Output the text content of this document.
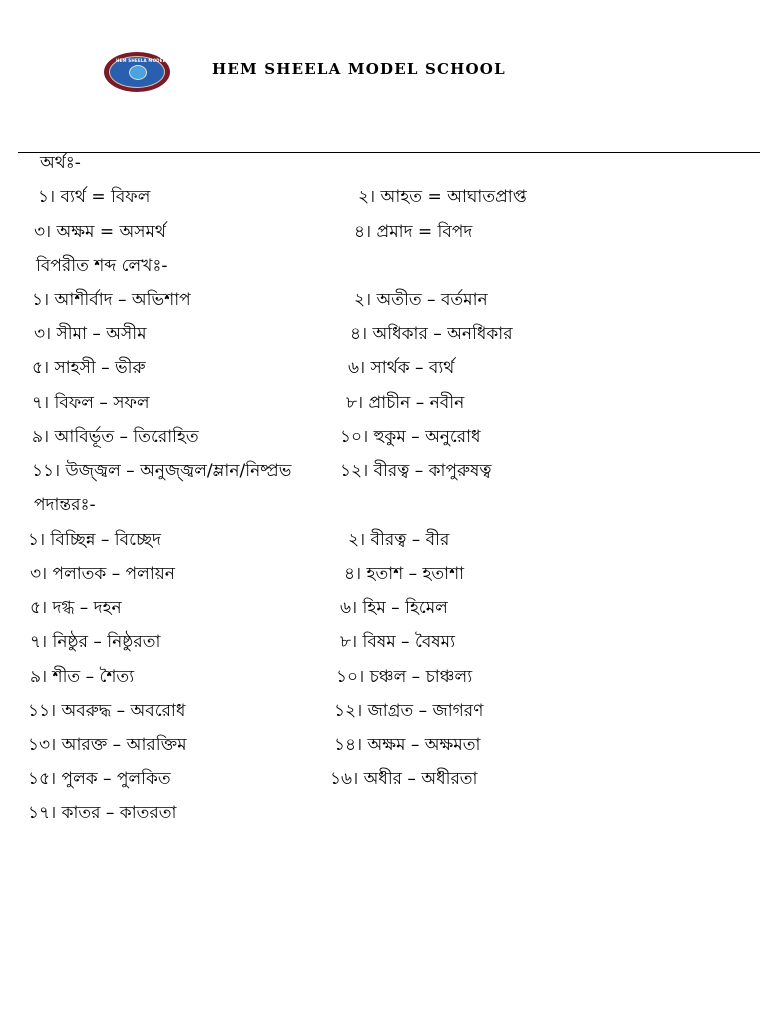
HEM SHEELA MODEL SCHOOL HEM SHEELA MODEL SCHOOL
অর্থঃ-
১। ব্যর্থ = বিফল	২। আহত = আঘাতপ্রাপ্ত
৩। অক্ষম = অসমর্থ	৪। প্রমাদ = বিপদ
বিপরীত শব্দ লেখঃ-
১। আশীর্বাদ – অভিশাপ	২। অতীত – বর্তমান
৩। সীমা – অসীম	৪। অধিকার – অনধিকার
৫। সাহসী – ভীরু	৬। সার্থক – ব্যর্থ
৭। বিফল – সফল	৮। প্রাচীন – নবীন
৯। আবির্ভূত – তিরোহিত	১০। হুকুম – অনুরোধ
১১। উজ্জ্বল – অনুজ্জ্বল/ম্লান/নিষ্প্রভ	১২। বীরত্ব – কাপুরুষত্ব
পদান্তরঃ-
১। বিচ্ছিন্ন – বিচ্ছেদ	২। বীরত্ব – বীর
৩। পলাতক – পলায়ন	৪। হতাশ – হতাশা
৫। দগ্ধ – দহন	৬। হিম – হিমেল
৭। নিষ্ঠুর – নিষ্ঠুরতা	৮। বিষম – বৈষম্য
৯। শীত – শৈত্য	১০। চঞ্চল – চাঞ্চল্য
১১। অবরুদ্ধ – অবরোধ	১২। জাগ্রত – জাগরণ
১৩। আরক্ত – আরক্তিম	১৪। অক্ষম – অক্ষমতা
১৫। পুলক – পুলকিত	১৬। অধীর – অধীরতা
১৭। কাতর – কাতরতা
